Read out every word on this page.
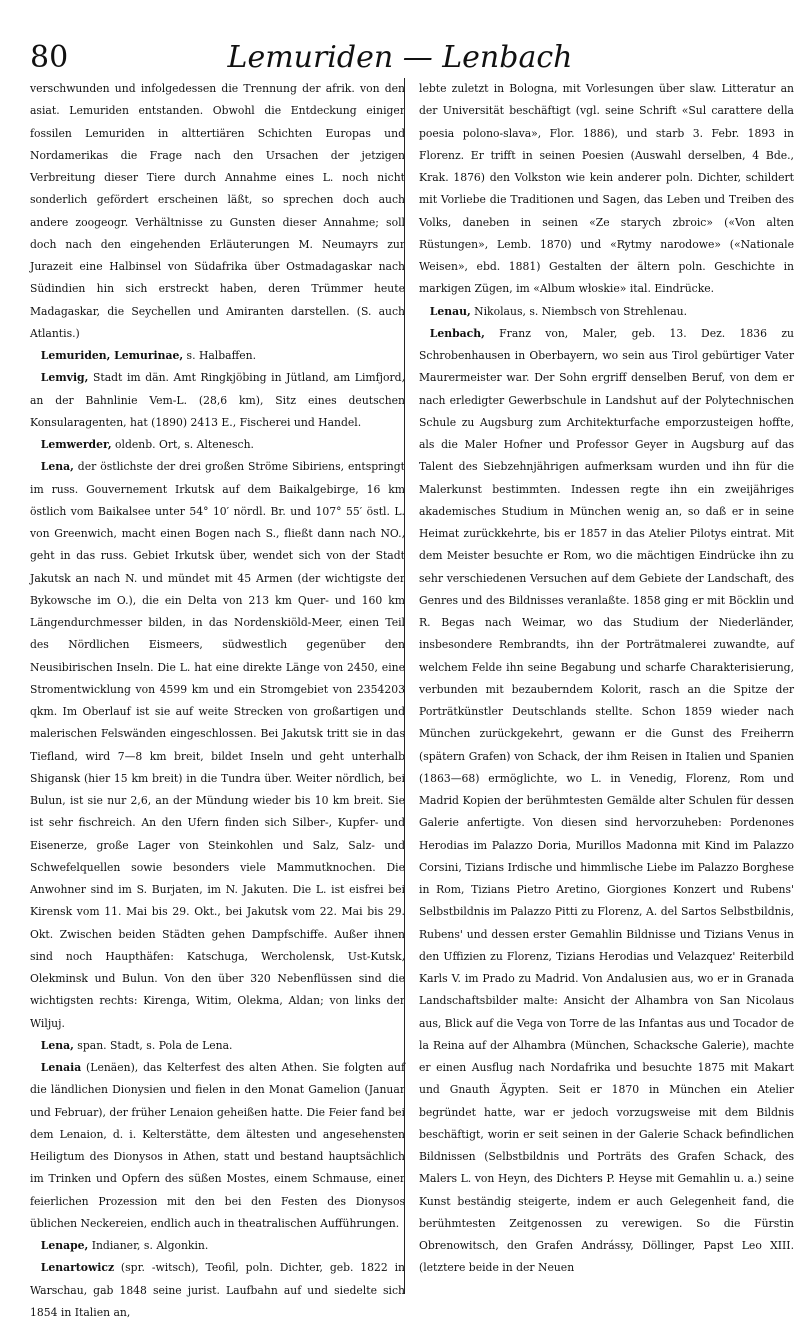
80	Lemuriden — Lenbach

verschwunden und infolgedessen die Trennung der afrik. von den asiat. Lemuriden entstanden. Obwohl die Entdeckung einiger fossilen Lemuriden in alttertiären Schichten Europas und Nordamerikas die Frage nach den Ursachen der jetzigen Verbreitung dieser Tiere durch Annahme eines L. noch nicht sonderlich gefördert erscheinen läßt, so sprechen doch auch andere zoogeogr. Verhältnisse zu Gunsten dieser Annahme; soll doch nach den eingehenden Erläuterungen M. Neumayrs zur Jurazeit eine Halbinsel von Südafrika über Ostmadagaskar nach Südindien hin sich erstreckt haben, deren Trümmer heute Madagaskar, die Seychellen und Amiranten darstellen. (S. auch Atlantis.)

Lemuriden, Lemurinae, s. Halbaffen.

Lemvig, Stadt im dän. Amt Ringkjöbing in Jütland, am Limfjord, an der Bahnlinie Vem-L. (28,6 km), Sitz eines deutschen Konsularagenten, hat (1890) 2413 E., Fischerei und Handel.

Lemwerder, oldenb. Ort, s. Altenesch.

Lena, der östlichste der drei großen Ströme Sibiriens, entspringt im russ. Gouvernement Irkutsk auf dem Baikalgebirge, 16 km östlich vom Baikalsee unter 54° 10′ nördl. Br. und 107° 55′ östl. L. von Greenwich, macht einen Bogen nach S., fließt dann nach NO., geht in das russ. Gebiet Irkutsk über, wendet sich von der Stadt Jakutsk an nach N. und mündet mit 45 Armen (der wichtigste der Bykowsche im O.), die ein Delta von 213 km Quer- und 160 km Längendurchmesser bilden, in das Nordenskiöld-Meer, einen Teil des Nördlichen Eismeers, südwestlich gegenüber den Neusibirischen Inseln. Die L. hat eine direkte Länge von 2450, eine Stromentwicklung von 4599 km und ein Stromgebiet von 2354203 qkm. Im Oberlauf ist sie auf weite Strecken von großartigen und malerischen Felswänden eingeschlossen. Bei Jakutsk tritt sie in das Tiefland, wird 7—8 km breit, bildet Inseln und geht unterhalb Shigansk (hier 15 km breit) in die Tundra über. Weiter nördlich, bei Bulun, ist sie nur 2,6, an der Mündung wieder bis 10 km breit. Sie ist sehr fischreich. An den Ufern finden sich Silber-, Kupfer- und Eisenerze, große Lager von Steinkohlen und Salz, Salz- und Schwefelquellen sowie besonders viele Mammutknochen. Die Anwohner sind im S. Burjaten, im N. Jakuten. Die L. ist eisfrei bei Kirensk vom 11. Mai bis 29. Okt., bei Jakutsk vom 22. Mai bis 29. Okt. Zwischen beiden Städten gehen Dampfschiffe. Außer ihnen sind noch Haupthäfen: Katschuga, Wercholensk, Ust-Kutsk, Olekminsk und Bulun. Von den über 320 Nebenflüssen sind die wichtigsten rechts: Kirenga, Witim, Olekma, Aldan; von links der Wiljuj.

Lena, span. Stadt, s. Pola de Lena.

Lenaia (Lenäen), das Kelterfest des alten Athen. Sie folgten auf die ländlichen Dionysien und fielen in den Monat Gamelion (Januar und Februar), der früher Lenaion geheißen hatte. Die Feier fand bei dem Lenaion, d. i. Kelterstätte, dem ältesten und angesehensten Heiligtum des Dionysos in Athen, statt und bestand hauptsächlich im Trinken und Opfern des süßen Mostes, einem Schmause, einer feierlichen Prozession mit den bei den Festen des Dionysos üblichen Neckereien, endlich auch in theatralischen Aufführungen.

Lenape, Indianer, s. Algonkin.

Lenartowicz (spr. -witsch), Teofil, poln. Dichter, geb. 1822 in Warschau, gab 1848 seine jurist. Laufbahn auf und siedelte sich 1854 in Italien an,

lebte zuletzt in Bologna, mit Vorlesungen über slaw. Litteratur an der Universität beschäftigt (vgl. seine Schrift «Sul carattere della poesia polono-slava», Flor. 1886), und starb 3. Febr. 1893 in Florenz. Er trifft in seinen Poesien (Auswahl derselben, 4 Bde., Krak. 1876) den Volkston wie kein anderer poln. Dichter, schildert mit Vorliebe die Traditionen und Sagen, das Leben und Treiben des Volks, daneben in seinen «Ze starych zbroic» («Von alten Rüstungen», Lemb. 1870) und «Rytmy narodowe» («Nationale Weisen», ebd. 1881) Gestalten der ältern poln. Geschichte in markigen Zügen, im «Album włoskie» ital. Eindrücke.

Lenau, Nikolaus, s. Niembsch von Strehlenau.

Lenbach, Franz von, Maler, geb. 13. Dez. 1836 zu Schrobenhausen in Oberbayern, wo sein aus Tirol gebürtiger Vater Maurermeister war. Der Sohn ergriff denselben Beruf, von dem er nach erledigter Gewerbschule in Landshut auf der Polytechnischen Schule zu Augsburg zum Architekturfache emporzusteigen hoffte, als die Maler Hofner und Professor Geyer in Augsburg auf das Talent des Siebzehnjährigen aufmerksam wurden und ihn für die Malerkunst bestimmten. Indessen regte ihn ein zweijähriges akademisches Studium in München wenig an, so daß er in seine Heimat zurückkehrte, bis er 1857 in das Atelier Pilotys eintrat. Mit dem Meister besuchte er Rom, wo die mächtigen Eindrücke ihn zu sehr verschiedenen Versuchen auf dem Gebiete der Landschaft, des Genres und des Bildnisses veranlaßte. 1858 ging er mit Böcklin und R. Begas nach Weimar, wo das Studium der Niederländer, insbesondere Rembrandts, ihn der Porträtmalerei zuwandte, auf welchem Felde ihn seine Begabung und scharfe Charakterisierung, verbunden mit bezauberndem Kolorit, rasch an die Spitze der Porträtkünstler Deutschlands stellte. Schon 1859 wieder nach München zurückgekehrt, gewann er die Gunst des Freiherrn (spätern Grafen) von Schack, der ihm Reisen in Italien und Spanien (1863—68) ermöglichte, wo L. in Venedig, Florenz, Rom und Madrid Kopien der berühmtesten Gemälde alter Schulen für dessen Galerie anfertigte. Von diesen sind hervorzuheben: Pordenones Herodias im Palazzo Doria, Murillos Madonna mit Kind im Palazzo Corsini, Tizians Irdische und himmlische Liebe im Palazzo Borghese in Rom, Tizians Pietro Aretino, Giorgiones Konzert und Rubens' Selbstbildnis im Palazzo Pitti zu Florenz, A. del Sartos Selbstbildnis, Rubens' und dessen erster Gemahlin Bildnisse und Tizians Venus in den Uffizien zu Florenz, Tizians Herodias und Velazquez' Reiterbild Karls V. im Prado zu Madrid. Von Andalusien aus, wo er in Granada Landschaftsbilder malte: Ansicht der Alhambra von San Nicolaus aus, Blick auf die Vega von Torre de las Infantas aus und Tocador de la Reina auf der Alhambra (München, Schacksche Galerie), machte er einen Ausflug nach Nordafrika und besuchte 1875 mit Makart und Gnauth Ägypten. Seit er 1870 in München ein Atelier begründet hatte, war er jedoch vorzugsweise mit dem Bildnis beschäftigt, worin er seit seinen in der Galerie Schack befindlichen Bildnissen (Selbstbildnis und Porträts des Grafen Schack, des Malers L. von Heyn, des Dichters P. Heyse mit Gemahlin u. a.) seine Kunst beständig steigerte, indem er auch Gelegenheit fand, die berühmtesten Zeitgenossen zu verewigen. So die Fürstin Obrenowitsch, den Grafen Andrássy, Döllinger, Papst Leo XIII. (letztere beide in der Neuen
